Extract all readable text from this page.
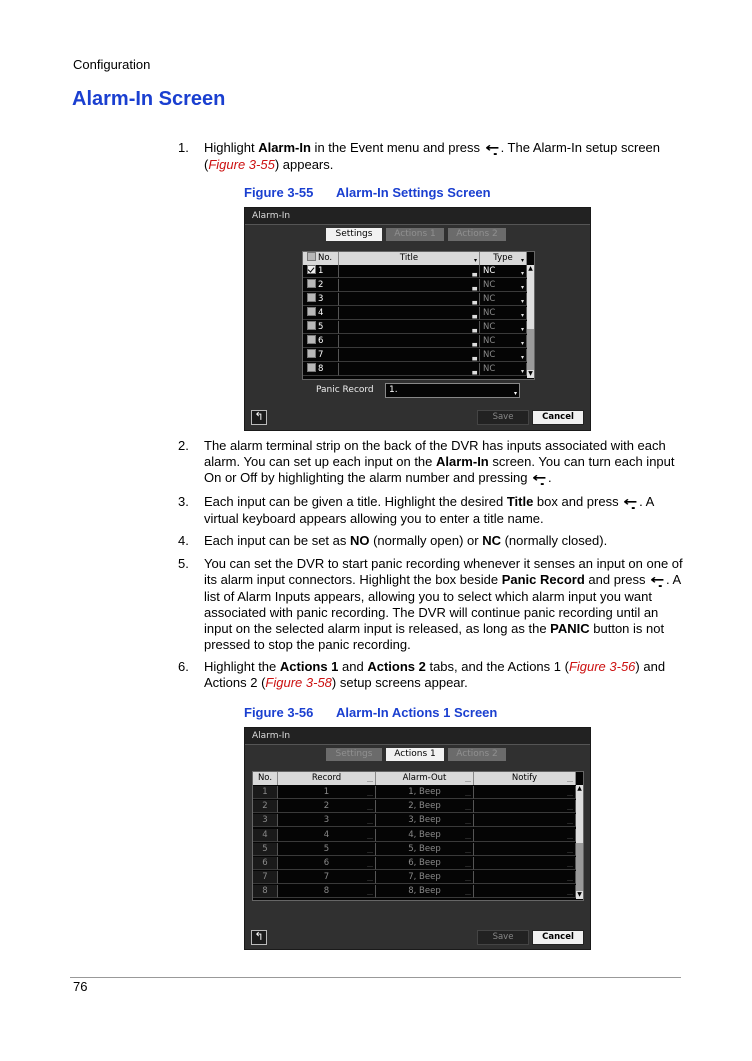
Configuration
Alarm-In Screen
1.	Highlight Alarm-In in the Event menu and press ←̣. The Alarm-In setup screen (Figure 3-55) appears.
Figure 3-55 Alarm-In Settings Screen
Alarm-In
Settings	Actions 1	Actions 2
No.	Title	▾	Type ▾
1	▄ NC	▾
2	▄ NC	▾
3	▄ NC	▾
4	▄ NC	▾
5	▄ NC	▾
6	▄ NC	▾
7	▄ NC	▾
8	▄ NC	▾
▲
▼
Panic Record	1.	▾
↰	Save	Cancel
2.	The alarm terminal strip on the back of the DVR has inputs associated with each alarm. You can set up each input on the Alarm-In screen. You can turn each input On or Off by highlighting the alarm number and pressing ←̣.
3.	Each input can be given a title. Highlight the desired Title box and press ←̣. A virtual keyboard appears allowing you to enter a title name.
4.	Each input can be set as NO (normally open) or NC (normally closed).
5.	You can set the DVR to start panic recording whenever it senses an input on one of its alarm input connectors. Highlight the box beside Panic Record and press ←̣. A list of Alarm Inputs appears, allowing you to select which alarm input you want associated with panic recording. The DVR will continue panic recording until an input on the selected alarm input is released, as long as the PANIC button is not pressed to stop the panic recording.
6.	Highlight the Actions 1 and Actions 2 tabs, and the Actions 1 (Figure 3-56) and Actions 2 (Figure 3-58) setup screens appear.
Figure 3-56 Alarm-In Actions 1 Screen
Alarm-In
Settings	Actions 1	Actions 2
No.	Record	…	Alarm-Out	…	Notify	…
1	1	…	1, Beep	…	…
2	2	…	2, Beep	…	…
3	3	…	3, Beep	…	…
4	4	…	4, Beep	…	…
5	5	…	5, Beep	…	…
6	6	…	6, Beep	…	…
7	7	…	7, Beep	…	…
8	8	…	8, Beep	…	…
▲
▼
↰	Save	Cancel
76
